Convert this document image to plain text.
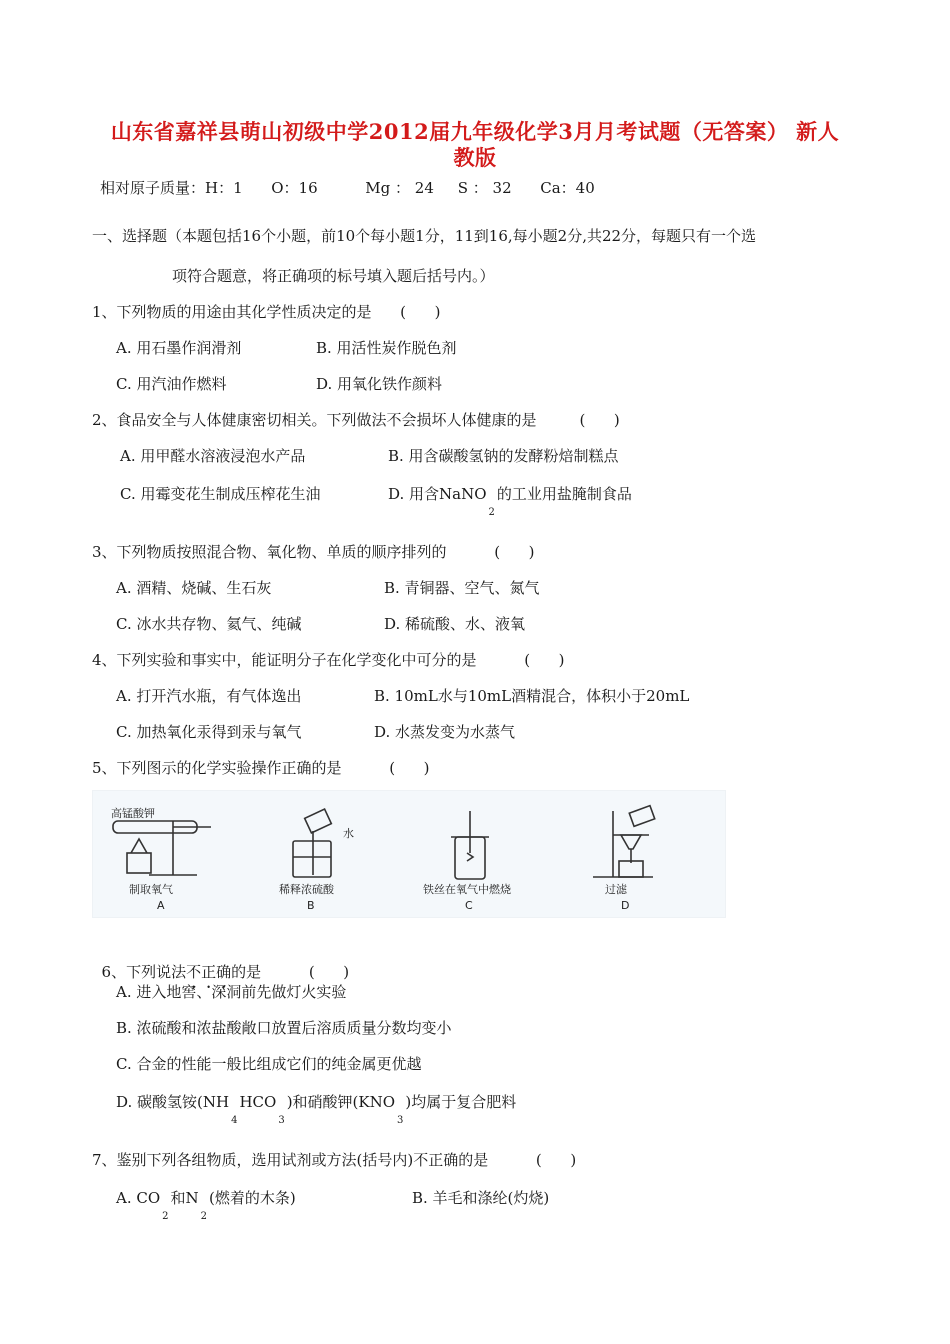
山东省嘉祥县萌山初级中学2012届九年级化学3月月考试题（无答案） 新人
教版
相对原子质量：H：1      O：16          Mg ： 24     S ： 32      Ca：40
一、选择题（本题包括16个小题，前10个每小题1分，11到16,每小题2分,共22分，每题只有一个选
项符合题意，将正确项的标号填入题后括号内。）
1、下列物质的用途由其化学性质决定的是      (      )
A. 用石墨作润滑剂	B. 用活性炭作脱色剂
C. 用汽油作燃料	D. 用氧化铁作颜料
2、食品安全与人体健康密切相关。下列做法不会损坏人体健康的是         (      )
A. 用甲醛水溶液浸泡水产品	B. 用含碳酸氢钠的发酵粉焙制糕点
C. 用霉变花生制成压榨花生油	D. 用含NaNO$_2$的工业用盐腌制食品
3、下列物质按照混合物、氧化物、单质的顺序排列的          (      )
A. 酒精、烧碱、生石灰	B. 青铜器、空气、氮气
C. 冰水共存物、氦气、纯碱	D. 稀硫酸、水、液氧
4、下列实验和事实中，能证明分子在化学变化中可分的是          (      )
A. 打开汽水瓶，有气体逸出	B. 10mL水与10mL酒精混合，体积小于20mL
C. 加热氧化汞得到汞与氧气	D. 水蒸发变为水蒸气
5、下列图示的化学实验操作正确的是          (      )
高锰酸钾
水
制取氧气	稀释浓硫酸	铁丝在氧气中燃烧	过滤
A	B	C	D

6、下列说法不正确的是          (      )

A. 进入地窖、深洞前先做灯火实验
B. 浓硫酸和浓盐酸敞口放置后溶质质量分数均变小
C. 合金的性能一般比组成它们的纯金属更优越
D. 碳酸氢铵$(NH_4HCO_3)$和硝酸钾$(KNO_3)$均属于复合肥料
7、鉴别下列各组物质，选用试剂或方法(括号内)不正确的是          (      )
A. $CO_2$和$N_2$(燃着的木条)	B. 羊毛和涤纶(灼烧)
